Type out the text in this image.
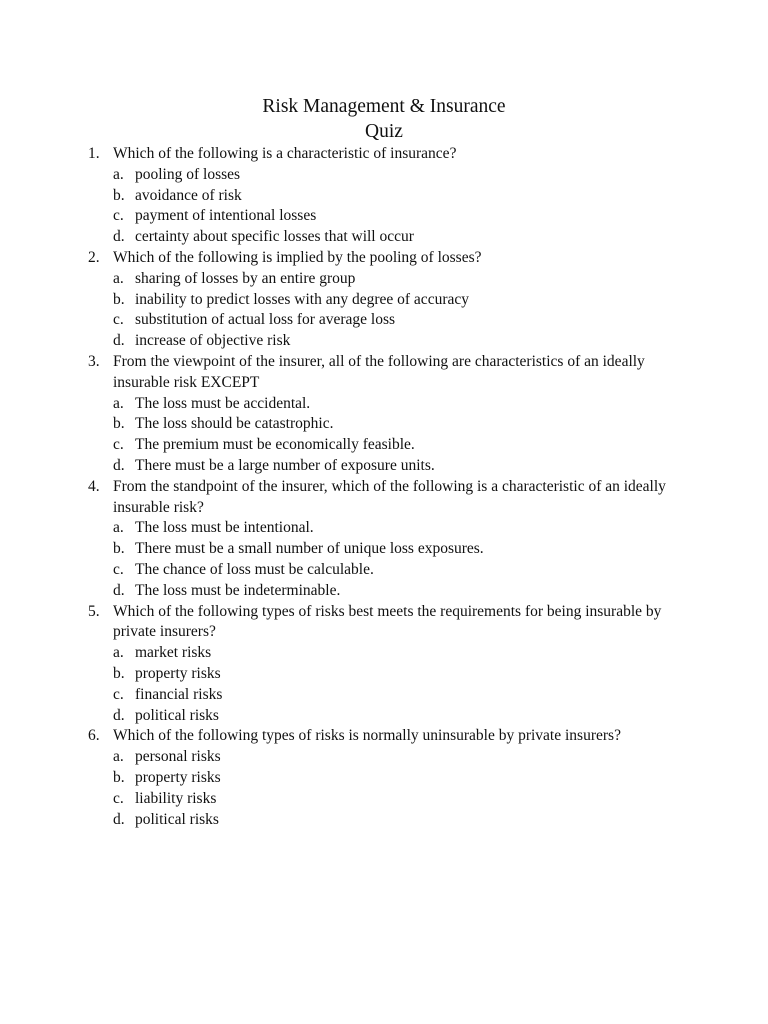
Risk Management & Insurance
Quiz
1. Which of the following is a characteristic of insurance?
a. pooling of losses
b. avoidance of risk
c. payment of intentional losses
d. certainty about specific losses that will occur
2. Which of the following is implied by the pooling of losses?
a. sharing of losses by an entire group
b. inability to predict losses with any degree of accuracy
c. substitution of actual loss for average loss
d. increase of objective risk
3. From the viewpoint of the insurer, all of the following are characteristics of an ideally insurable risk EXCEPT
a. The loss must be accidental.
b. The loss should be catastrophic.
c. The premium must be economically feasible.
d. There must be a large number of exposure units.
4. From the standpoint of the insurer, which of the following is a characteristic of an ideally insurable risk?
a. The loss must be intentional.
b. There must be a small number of unique loss exposures.
c. The chance of loss must be calculable.
d. The loss must be indeterminable.
5. Which of the following types of risks best meets the requirements for being insurable by private insurers?
a. market risks
b. property risks
c. financial risks
d. political risks
6. Which of the following types of risks is normally uninsurable by private insurers?
a. personal risks
b. property risks
c. liability risks
d. political risks
